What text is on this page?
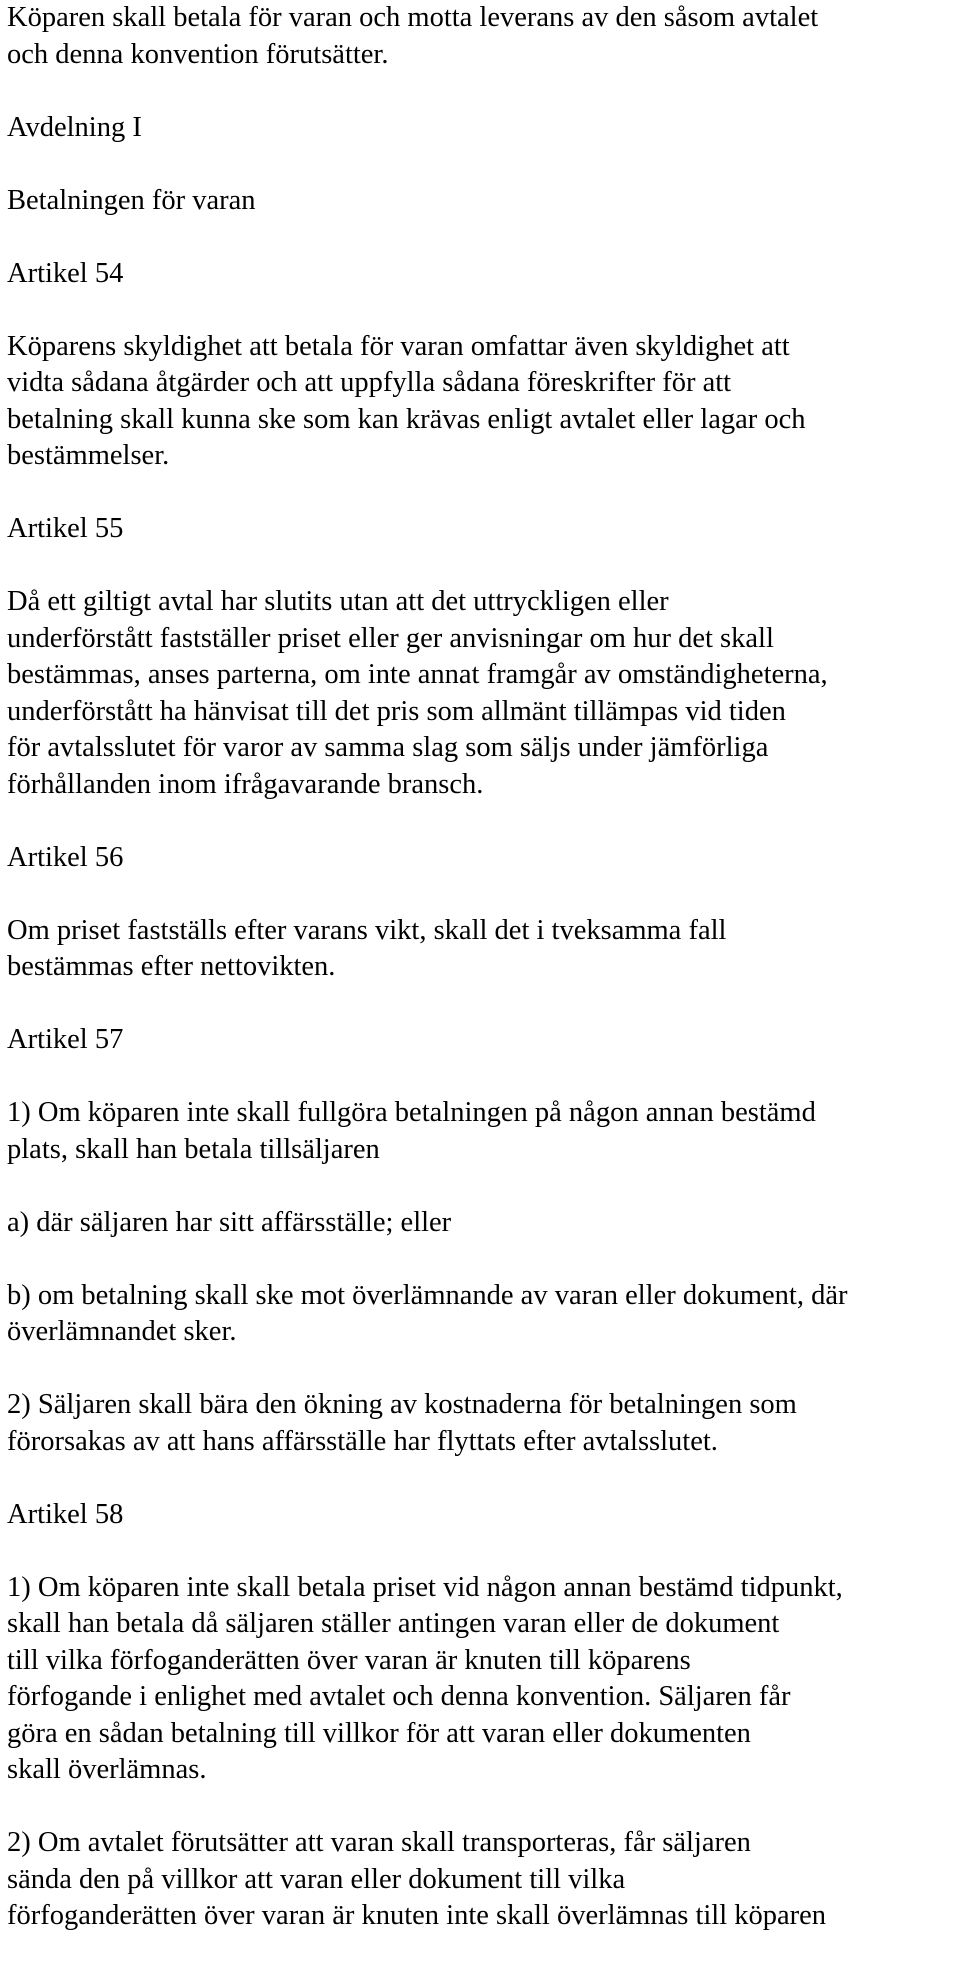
Köparen skall betala för varan och motta leverans av den såsom avtalet
och denna konvention förutsätter.
Avdelning I
Betalningen för varan
Artikel 54
Köparens skyldighet att betala för varan omfattar även skyldighet att
vidta sådana åtgärder och att uppfylla sådana föreskrifter för att
betalning skall kunna ske som kan krävas enligt avtalet eller lagar och
bestämmelser.
Artikel 55
Då ett giltigt avtal har slutits utan att det uttryckligen eller
underförstått fastställer priset eller ger anvisningar om hur det skall
bestämmas, anses parterna, om inte annat framgår av omständigheterna,
underförstått ha hänvisat till det pris som allmänt tillämpas vid tiden
för avtalsslutet för varor av samma slag som säljs under jämförliga
förhållanden inom ifrågavarande bransch.
Artikel 56
Om priset fastställs efter varans vikt, skall det i tveksamma fall
bestämmas efter nettovikten.
Artikel 57
1) Om köparen inte skall fullgöra betalningen på någon annan bestämd
plats, skall han betala tillsäljaren
a) där säljaren har sitt affärsställe; eller
b) om betalning skall ske mot överlämnande av varan eller dokument, där
överlämnandet sker.
2) Säljaren skall bära den ökning av kostnaderna för betalningen som
förorsakas av att hans affärsställe har flyttats efter avtalsslutet.
Artikel 58
1) Om köparen inte skall betala priset vid någon annan bestämd tidpunkt,
skall han betala då säljaren ställer antingen varan eller de dokument
till vilka förfoganderätten över varan är knuten till köparens
förfogande i enlighet med avtalet och denna konvention. Säljaren får
göra en sådan betalning till villkor för att varan eller dokumenten
skall överlämnas.
2) Om avtalet förutsätter att varan skall transporteras, får säljaren
sända den på villkor att varan eller dokument till vilka
förfoganderätten över varan är knuten inte skall överlämnas till köparen
